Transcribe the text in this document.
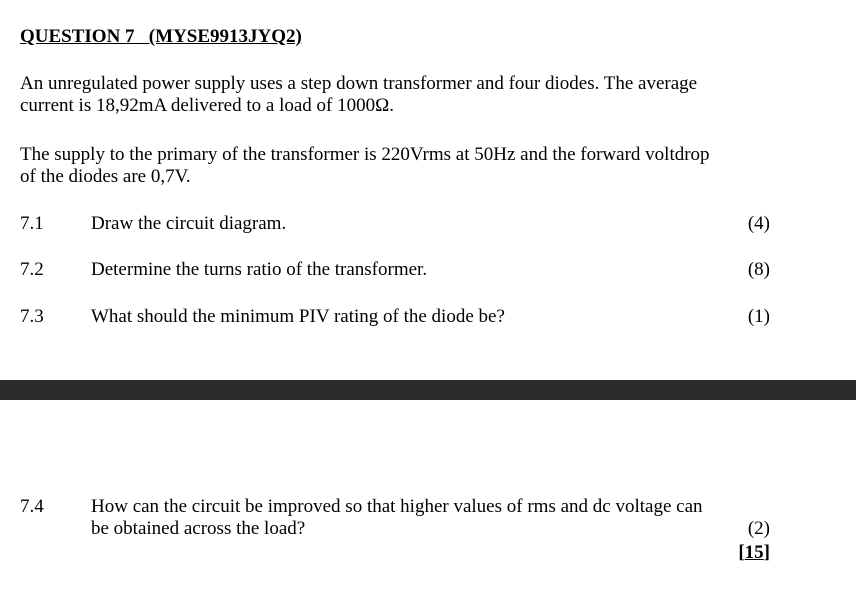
QUESTION 7   (MYSE9913JYQ2)
An unregulated power supply uses a step down transformer and four diodes. The average
current is 18,92mA delivered to a load of 1000Ω.
The supply to the primary of the transformer is 220Vrms at 50Hz and the forward voltdrop
of the diodes are 0,7V.
7.1 Draw the circuit diagram.	(4)
7.2 Determine the turns ratio of the transformer.	(8)
7.3 What should the minimum PIV rating of the diode be?	(1)
7.4 How can the circuit be improved so that higher values of rms and dc voltage can
be obtained across the load?	(2)
[15]
